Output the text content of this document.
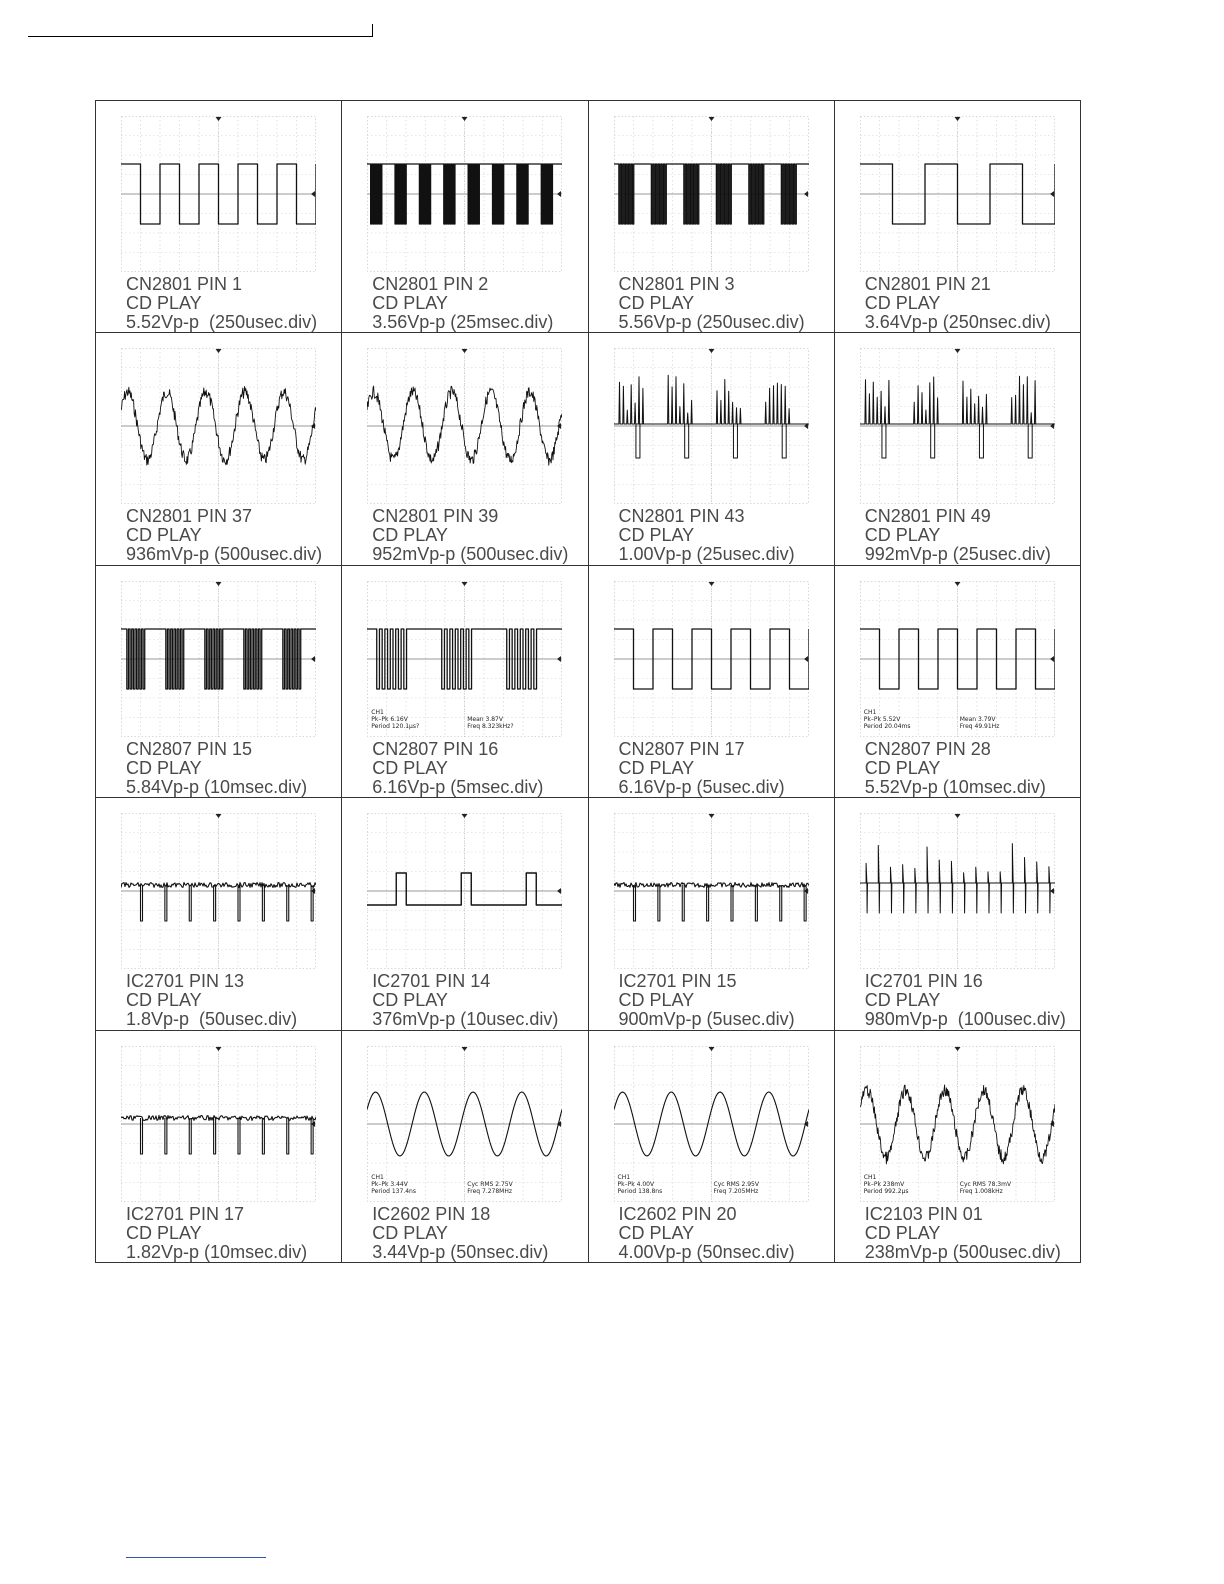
CN2801 PIN 1
CD PLAY
5.52Vp-p  (250usec.div)
CN2801 PIN 2
CD PLAY
3.56Vp-p (25msec.div)
CN2801 PIN 3
CD PLAY
5.56Vp-p (250usec.div)
CN2801 PIN 21
CD PLAY
3.64Vp-p (250nsec.div)
CN2801 PIN 37
CD PLAY
936mVp-p (500usec.div)
CN2801 PIN 39
CD PLAY
952mVp-p (500usec.div)
CN2801 PIN 43
CD PLAY
1.00Vp-p (25usec.div)
CN2801 PIN 49
CD PLAY
992mVp-p (25usec.div)
CN2807 PIN 15
CD PLAY
5.84Vp-p (10msec.div)
CH1
Pk–Pk 6.16V
Period 120.1µs?
Mean 3.87V
Freq 8.323kHz?
CN2807 PIN 16
CD PLAY
6.16Vp-p (5msec.div)
CN2807 PIN 17
CD PLAY
6.16Vp-p (5usec.div)
CH1
Pk–Pk 5.52V
Period 20.04ms
Mean 3.79V
Freq 49.91Hz
CN2807 PIN 28
CD PLAY
5.52Vp-p (10msec.div)
IC2701 PIN 13
CD PLAY
1.8Vp-p  (50usec.div)
IC2701 PIN 14
CD PLAY
376mVp-p (10usec.div)
IC2701 PIN 15
CD PLAY
900mVp-p (5usec.div)
IC2701 PIN 16
CD PLAY
980mVp-p  (100usec.div)
IC2701 PIN 17
CD PLAY
1.82Vp-p (10msec.div)
CH1
Pk–Pk 3.44V
Period 137.4ns
Cyc RMS 2.75V
Freq 7.278MHz
IC2602 PIN 18
CD PLAY
3.44Vp-p (50nsec.div)
CH1
Pk–Pk 4.00V
Period 138.8ns
Cyc RMS 2.95V
Freq 7.205MHz
IC2602 PIN 20
CD PLAY
4.00Vp-p (50nsec.div)
CH1
Pk–Pk 238mV
Period 992.2µs
Cyc RMS 78.3mV
Freq 1.008kHz
IC2103 PIN 01
CD PLAY
238mVp-p (500usec.div)
